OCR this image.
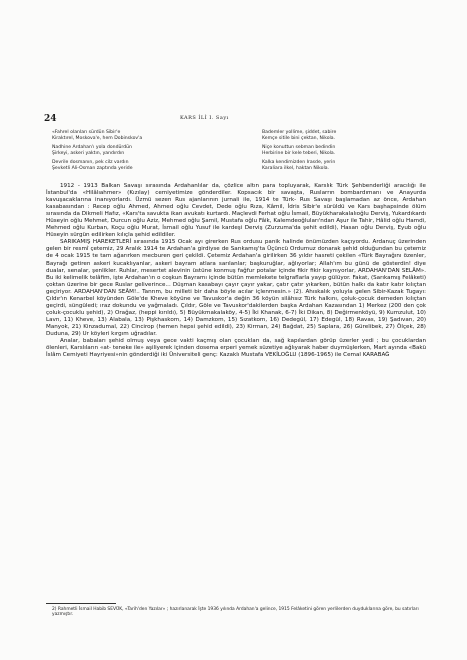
24	KARS İLİ I. Sayı
«Fahrel olanları sürdün Sibir'e
Kiraktırel, Moskova'e, hem Dobinskov'a
Nadhine Ardahan'ı yola dondürdün
Şirkeyi, askeri yaktın, yandırdın
Devrile dosmanın, pek cilz vardın
Şevketli Ali-Osman zaptında yeride
Bademler yollime, şiddet, sabire
Kemçe sitile bini çektan, Nikola.
Niçe konuttun sebman bedindin
Herbirine bir kele teberi, Nikola.
Kalka kendimizden Irasde, yerin
Karaliara ilkel, haktan Nikola.

1912 - 1913 Balkan Savaşı sırasında Ardahanlılar da, çözlice altın para topluyarak, Karslık Türk Şehbenderliği aracılığı ile İstanbul'da «Hilâlıahmer» (Kızılay) cemiyetimize gönderdiler. Kopsacık bir savaşta, Ruslarrın bombardımanı ve Anayurda kavuşacaklarına inanıyorlardı. Üzmü sezen Rus ajanlarının jurnali ile, 1914 te Türk- Rus Savaşı başlamadan az önce, Ardahan kasabasından : Recep oğlu Ahmed, Ahmed oğlu Cevdet, Dede oğlu Rıza, Kâmil, İdris Sibir'e sürüldü ve Kars başhapsinde ölüm sırasında da Dikmeli Hafız, «Kars'ta savukta ikan avukatı kurtardı. Maçlevdi Ferhat oğlu İsmail, Büyükharakalalıoğlu Derviş, Yukardıkardı Hüseyin oğlu Mehmet, Durcun oğlu Aziz, Mehmed oğlu Şamil, Mustafa oğlu Fâik, Kalemdeoğluları'ndan Aşur ile Tahir, Hâlid oğlu Hamdi, Mehmed oğlu Kurban, Koçu oğlu Murat, İsmail oğlu Yusuf ile kardeşi Derviş (Zurzuma'da şehit edildi), Hasan oğlu Derviş, Eyub oğlu Hüseyin sürgün edilirken kılıçla şehid edildiler.

SARIKAMIŞ HAREKETLERİ sırasında 1915 Ocak ayı girerken Rus ordusu panik halinde önümüzden kaçıyordu. Ardanuç üzerinden gelen bir resmî çetemiz, 29 Aralık 1914 te Ardahan'a girdiyse de Sarıkamış'ta Üçüncü Ordumuz donarak şehid olduğundan bu çetemiz de 4 ocak 1915 te tam ağarırken mecburen geri çekildi. Çetemiz Ardahan'a girilirken 36 yıldır hasreti çekilen «Türk Bayrağını özenler, Bayrağı getiren askeri kucaklıyanlar, askeri bayram atlara sarılanlar; başkuruğlar, ağlıyorlar; Allah'ım bu günü de gösterdin! diye dualar, senalar, şenlikler. Ruhlar, mesertet alevinin üstüne konmuş fağfur potalar içinde fikir fikir kaynıyorlar, ARDAHAN'DAN SELÂM». Bu iki kelimelik telâfim, işte Ardahan'ın o coşkun Bayramı içinde bütün memlekete telgraflarla yayıp gülüyor. Fakat, (Sarıkamış Felâketi) çoktan üzerine bir gece Ruslar geliverince... Düşman kasabayı çayır çayır yakar, çatır çatır yıkarken, bütün halkı da katır katır kılıçtan geçiriyor. ARDAHAN'DAN SEÂM!.. Tanrım, bu milleti bir daha böyle acılar içlenmesin.» (2). Ahıskalık yoluyla gelen Sibir-Kazak Tugayı: Çıldır'ın Kenarbel köyünden Göle'de Kheve köyüne ve Tavuskor'a değin 36 köyün silâhsız Türk halkını, çoluk-çocuk demeden kılıçtan geçirdi, süngüledi; ıraz dokundu ve yağmaladı. Çıldır, Göle ve Tavuskor'dakilerden başka Ardahan Kazasından 1) Merkez (200 den çok çoluk-çocuklu şehid), 2) Orağaz, (heppi kırıldı), 5) Büyükmakalaköy, 4-5) İki Khanak, 6-7) İki Dikan, 8) Değirmenköyü, 9) Kumzulut, 10) Lavn, 11) Kheve, 13) Alabala, 13) Pişkhaskom, 14) Damzkom, 15) Sızatkom, 16) Dedegül, 17) Edegül, 18) Ravas, 19) Şadıvan, 20) Manyok, 21) Kinzadumal, 22) Cincirop (hemen hepsi şehid edildi), 23) Kirman, 24) Bağdat, 25) Saplara, 26) Gürelibek, 27) Ölçek, 28) Duduna, 29) Ur köyleri kırgım uğradılar.

Analar, babaları şehid olmuş veya gece vakti kaçmış olan çocukları da, sağ kapılardan görüp üzerler yedi ; bu çocuklardan ölenleri, Karslıların «at- teneke ile» aşiliyerek içinden dosema erperi yemek süzetiye ağlıyarak haber duymüşlerken, Mart ayında «Bakü İslâm Cemiyeti Hayriyesi»nin gönderdiği iki Üniversiteli genç: Kazaklı Mustafa VEKİLOĞLU (1896-1965) ile Cemal KARABAĞ

2) Rahmetli İsmail Habib SEVÜK, «Tarih'den Yazılar» ; hazırlanarak İşte 1936 yılında Ardahan'a gelince, 1915 Felâketini gören yerlilerden duyduklarına göre, bu satırları yazmıştır.
